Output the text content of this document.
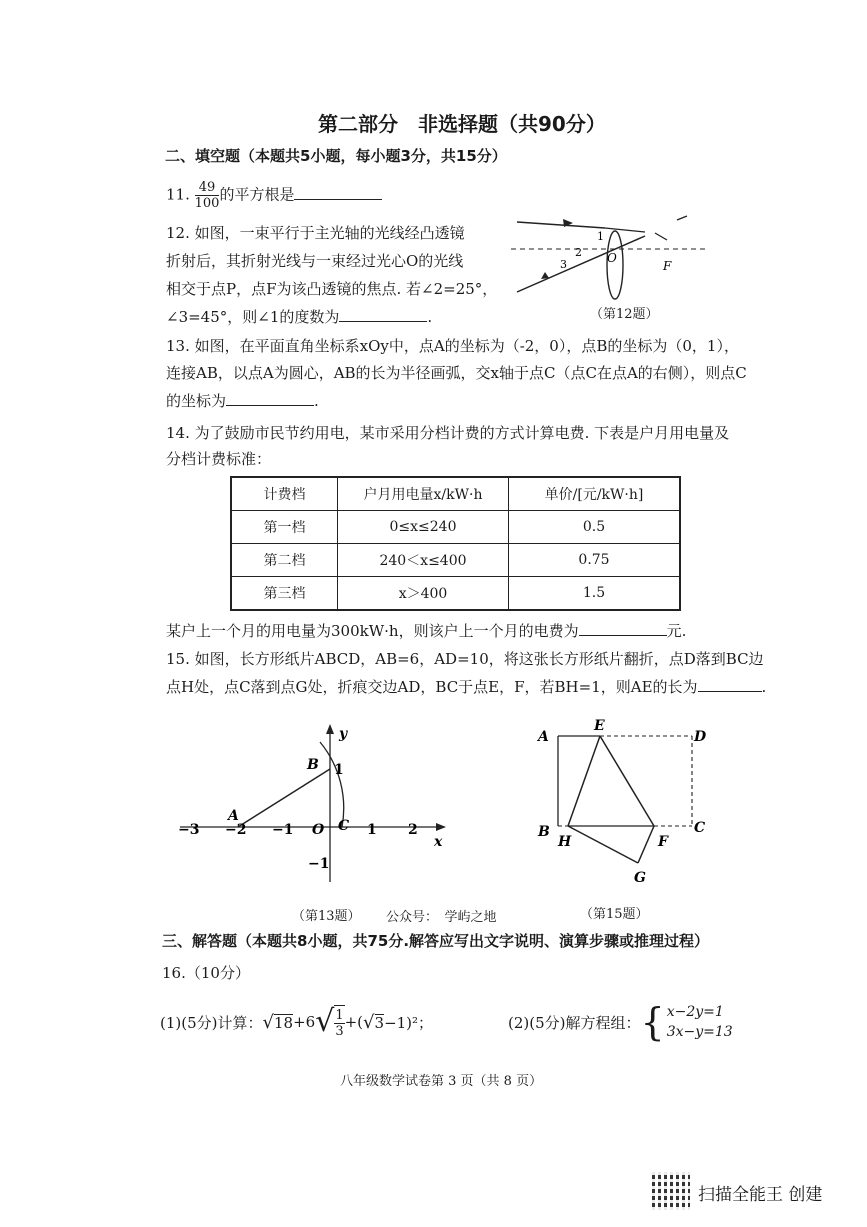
第二部分　非选择题（共90分）
二、填空题（本题共5小题，每小题3分，共15分）
11. $\frac{49}{100}$ 的平方根是
12. 如图，一束平行于主光轴的光线经凸透镜
折射后，其折射光线与一束经过光心O的光线
相交于点P，点F为该凸透镜的焦点. 若∠2=25°，
∠3=45°，则∠1的度数为	.
1
2
3	O
F
（第12题）
13. 如图，在平面直角坐标系xOy中，点A的坐标为（-2，0），点B的坐标为（0，1），
连接AB，以点A为圆心，AB的长为半径画弧，交x轴于点C（点C在点A的右侧），则点C
的坐标为	.
14. 为了鼓励市民节约用电，某市采用分档计费的方式计算电费. 下表是户月用电量及
分档计费标准：
计费档	户月用电量x/kW·h	单价/[元/kW·h]
第一档	0≤x≤240	0.5
第二档	240＜x≤400	0.75
第三档	x＞400	1.5
某户上一个月的用电量为300kW·h，则该户上一个月的电费为	元.
15. 如图，长方形纸片ABCD，AB=6，AD=10，将这张长方形纸片翻折，点D落到BC边
点H处，点C落到点G处，折痕交边AD，BC于点E，F，若BH=1，则AE的长为	.
y
x
A
B
C
O
−3 −2 −1	1 2
1
−1
A
E
D
B
H	F
C
G
（第13题） 公众号：　学屿之地	（第15题）
三、解答题（本题共8小题，共75分.解答应写出文字说明、演算步骤或推理过程）
16.（10分）
(1)(5分)计算： √ 18 +6 √ $\frac{1}{3}$ +( √ 3 −1)²；	(2)(5分)解方程组： { x−2y=1
3x−y=13
八年级数学试卷第 3 页（共 8 页）
扫描全能王 创建
